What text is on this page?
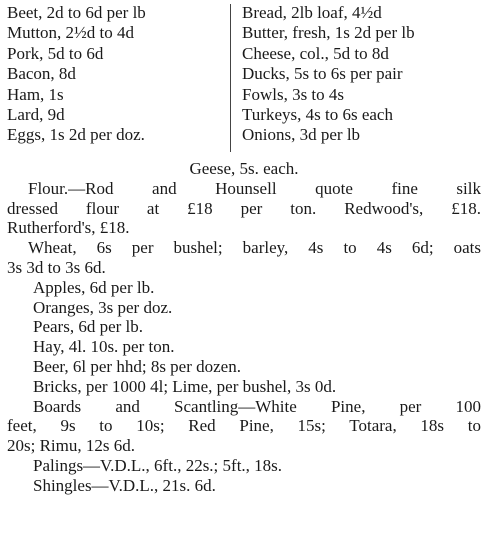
Beet, 2d to 6d per lb
Mutton, 2½d to 4d
Pork, 5d to 6d
Bacon, 8d
Ham, 1s
Lard, 9d
Eggs, 1s 2d per doz.
Bread, 2lb loaf, 4½d
Butter, fresh, 1s 2d per lb
Cheese, col., 5d to 8d
Ducks, 5s to 6s per pair
Fowls, 3s to 4s
Turkeys, 4s to 6s each
Onions, 3d per lb
Geese, 5s. each.
Flour.—Rod and Hounsell quote fine silk
dressed flour at £18 per ton. Redwood's, £18.
Rutherford's, £18.
Wheat, 6s per bushel; barley, 4s to 4s 6d; oats
3s 3d to 3s 6d.
Apples, 6d per lb.
Oranges, 3s per doz.
Pears, 6d per lb.
Hay, 4l. 10s. per ton.
Beer, 6l per hhd; 8s per dozen.
Bricks, per 1000 4l; Lime, per bushel, 3s 0d.
Boards and Scantling—White Pine, per 100
feet, 9s to 10s; Red Pine, 15s; Totara, 18s to
20s; Rimu, 12s 6d.
Palings—V.D.L., 6ft., 22s.; 5ft., 18s.
Shingles—V.D.L., 21s. 6d.
